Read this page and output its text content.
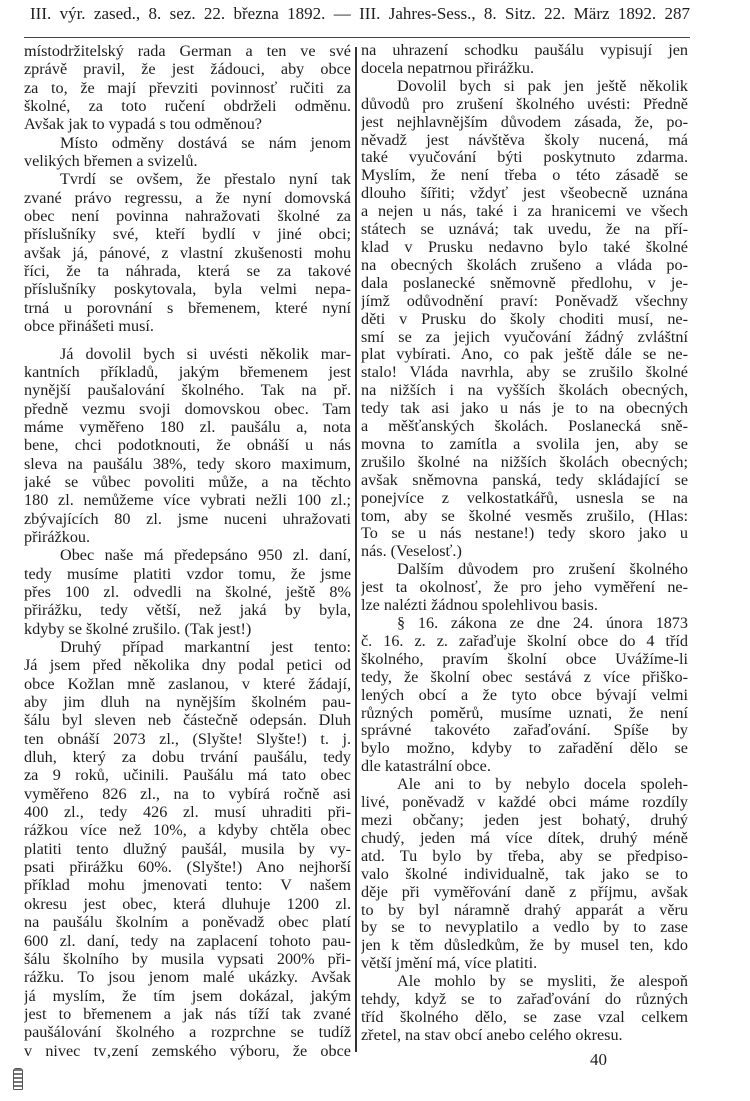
III. výr. zased., 8. sez. 22. března 1892. — III. Jahres-Sess., 8. Sitz. 22. März 1892. 287
místodržitelský rada German a ten ve své
zprávě pravil, že jest žádouci, aby obce
za to, že mají převziti povinnosť ručiti za
školné, za toto ručení obdrželi odměnu.
Avšak jak to vypadá s tou odměnou?
Místo odměny dostává se nám jenom
velikých břemen a svizelů.
Tvrdí se ovšem, že přestalo nyní tak
zvané právo regressu, a že nyní domovská
obec není povinna nahražovati školné za
příslušníky své, kteří bydlí v jiné obci;
avšak já, pánové, z vlastní zkušenosti mohu
říci, že ta náhrada, která se za takové
příslušníky poskytovala, byla velmi nepa-
trná u porovnání s břemenem, které nyní
obce přinášeti musí.
Já dovolil bych si uvésti několik mar-
kantních příkladů, jakým břemenem jest
nynější paušalování školného. Tak na př.
předně vezmu svoji domovskou obec. Tam
máme vyměřeno 180 zl. paušálu a, nota
bene, chci podotknouti, že obnáší u nás
sleva na paušálu 38%, tedy skoro maximum,
jaké se vůbec povoliti může, a na těchto
180 zl. nemůžeme více vybrati nežli 100 zl.;
zbývajících 80 zl. jsme nuceni uhražovati
přirážkou.
Obec naše má předepsáno 950 zl. daní,
tedy musíme platiti vzdor tomu, že jsme
přes 100 zl. odvedli na školné, ještě 8%
přirážku, tedy větší, než jaká by byla,
kdyby se školné zrušilo. (Tak jest!)
Druhý případ markantní jest tento:
Já jsem před několika dny podal petici od
obce Kožlan mně zaslanou, v které žádají,
aby jim dluh na nynějším školném pau-
šálu byl sleven neb částečně odepsán. Dluh
ten obnáší 2073 zl., (Slyšte! Slyšte!) t. j.
dluh, který za dobu trvání paušálu, tedy
za 9 roků, učinili. Paušálu má tato obec
vyměřeno 826 zl., na to vybírá ročně asi
400 zl., tedy 426 zl. musí uhraditi při-
rážkou více než 10%, a kdyby chtěla obec
platiti tento dlužný paušál, musila by vy-
psati přirážku 60%. (Slyšte!) Ano nejhorší
příklad mohu jmenovati tento: V našem
okresu jest obec, která dluhuje 1200 zl.
na paušálu školním a poněvadž obec platí
600 zl. daní, tedy na zaplacení tohoto pau-
šálu školního by musila vypsati 200% při-
rážku. To jsou jenom malé ukázky. Avšak
já myslím, že tím jsem dokázal, jakým
jest to břemenem a jak nás tíží tak zvané
paušálování školného a rozprchne se tudíž
v nivec tv‚zení zemského výboru, že obce
na uhrazení schodku paušálu vypisují jen
docela nepatrnou přirážku.
Dovolil bych si pak jen ještě několik
důvodů pro zrušení školného uvésti: Předně
jest nejhlavnějším důvodem zásada, že, po-
něvadž jest návštěva školy nucená, má
také vyučování býti poskytnuto zdarma.
Myslím, že není třeba o této zásadě se
dlouho šířiti; vždyť jest všeobecně uznána
a nejen u nás, také i za hranicemi ve všech
státech se uznává; tak uvedu, že na pří-
klad v Prusku nedavno bylo také školné
na obecných školách zrušeno a vláda po-
dala poslanecké sněmovně předlohu, v je-
jímž odůvodnění praví: Poněvadž všechny
děti v Prusku do školy choditi musí, ne-
smí se za jejich vyučování žádný zvláštní
plat vybírati. Ano, co pak ještě dále se ne-
stalo! Vláda navrhla, aby se zrušilo školné
na nižších i na vyšších školách obecných,
tedy tak asi jako u nás je to na obecných
a měšťanských školách. Poslanecká sně-
movna to zamítla a svolila jen, aby se
zrušilo školné na nižších školách obecných;
avšak sněmovna panská, tedy skládající se
ponejvíce z velkostatkářů, usnesla se na
tom, aby se školné vesměs zrušilo, (Hlas:
To se u nás nestane!) tedy skoro jako u
nás. (Veselosť.)
Dalším důvodem pro zrušení školného
jest ta okolnosť, že pro jeho vyměření ne-
lze nalézti žádnou spolehlivou basis.
§ 16. zákona ze dne 24. února 1873
č. 16. z. z. zařaďuje školní obce do 4 tříd
školného, pravím školní obce Uvážíme-li
tedy, že školní obec sestává z více přiško-
lených obcí a že tyto obce bývají velmi
různých poměrů, musíme uznati, že není
správné takovéto zařaďování. Spíše by
bylo možno, kdyby to zařadění dělo se
dle katastrální obce.
Ale ani to by nebylo docela spoleh-
livé, poněvadž v každé obci máme rozdíly
mezi občany; jeden jest bohatý, druhý
chudý, jeden má více dítek, druhý méně
atd. Tu bylo by třeba, aby se předpiso-
valo školné individualně, tak jako se to
děje při vyměřování daně z příjmu, avšak
to by byl náramně drahý apparát a věru
by se to nevyplatilo a vedlo by to zase
jen k těm důsledkům, že by musel ten, kdo
větší jmění má, více platiti.
Ale mohlo by se mysliti, že alespoň
tehdy, když se to zařaďování do různých
tříd školného dělo, se zase vzal celkem
zřetel, na stav obcí anebo celého okresu.
40
